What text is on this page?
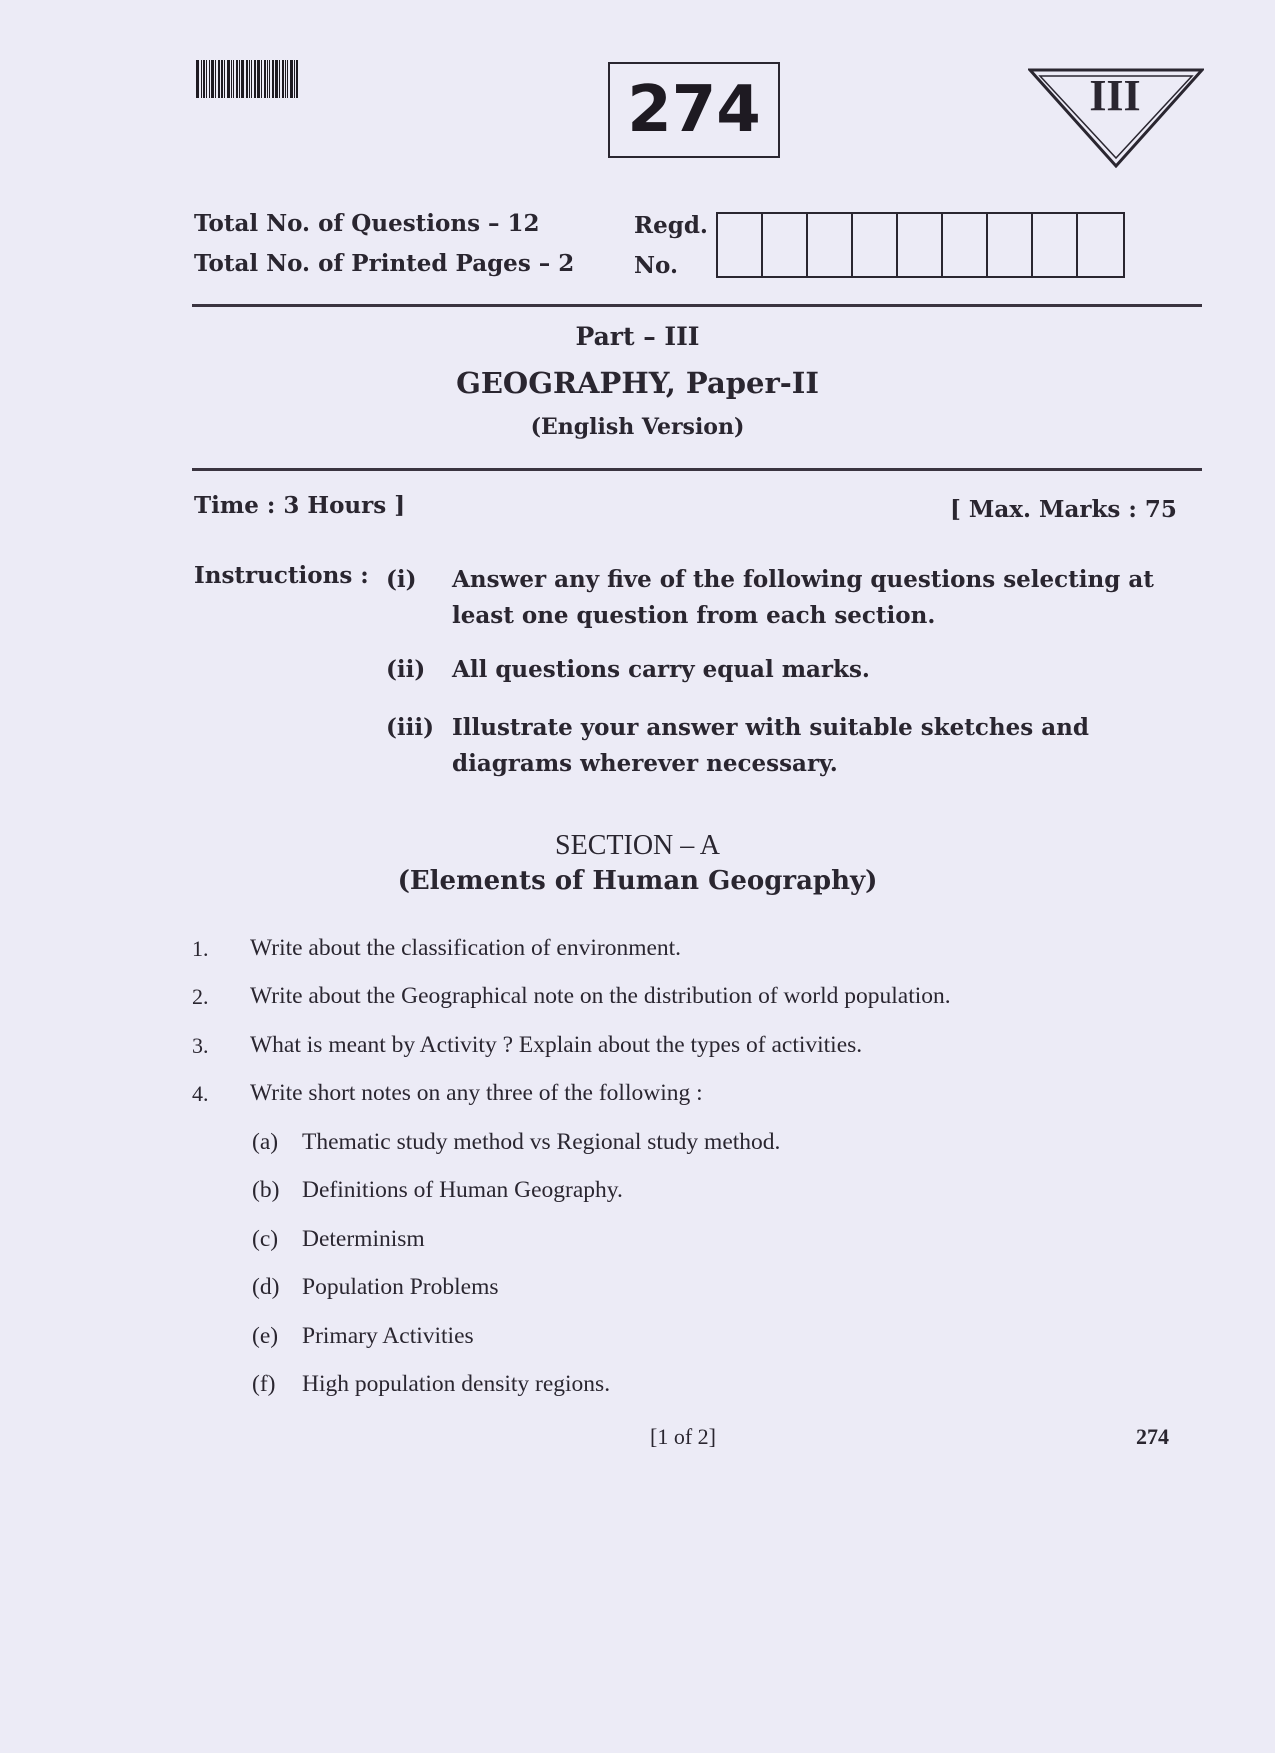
274	III
Total No. of Questions – 12
Total No. of Printed Pages – 2
Regd.
No.
Part – III
GEOGRAPHY, Paper-II
(English Version)
Time : 3 Hours ]	[ Max. Marks : 75
Instructions : (i) Answer any five of the following questions selecting at
least one question from each section.
(ii) All questions carry equal marks.
(iii) Illustrate your answer with suitable sketches and
diagrams wherever necessary.
SECTION – A
(Elements of Human Geography)
1. Write about the classification of environment.
2. Write about the Geographical note on the distribution of world population.
3. What is meant by Activity ? Explain about the types of activities.
4. Write short notes on any three of the following :
(a) Thematic study method vs Regional study method.
(b) Definitions of Human Geography.
(c) Determinism
(d) Population Problems
(e) Primary Activities
(f) High population density regions.
[1 of 2]	274
